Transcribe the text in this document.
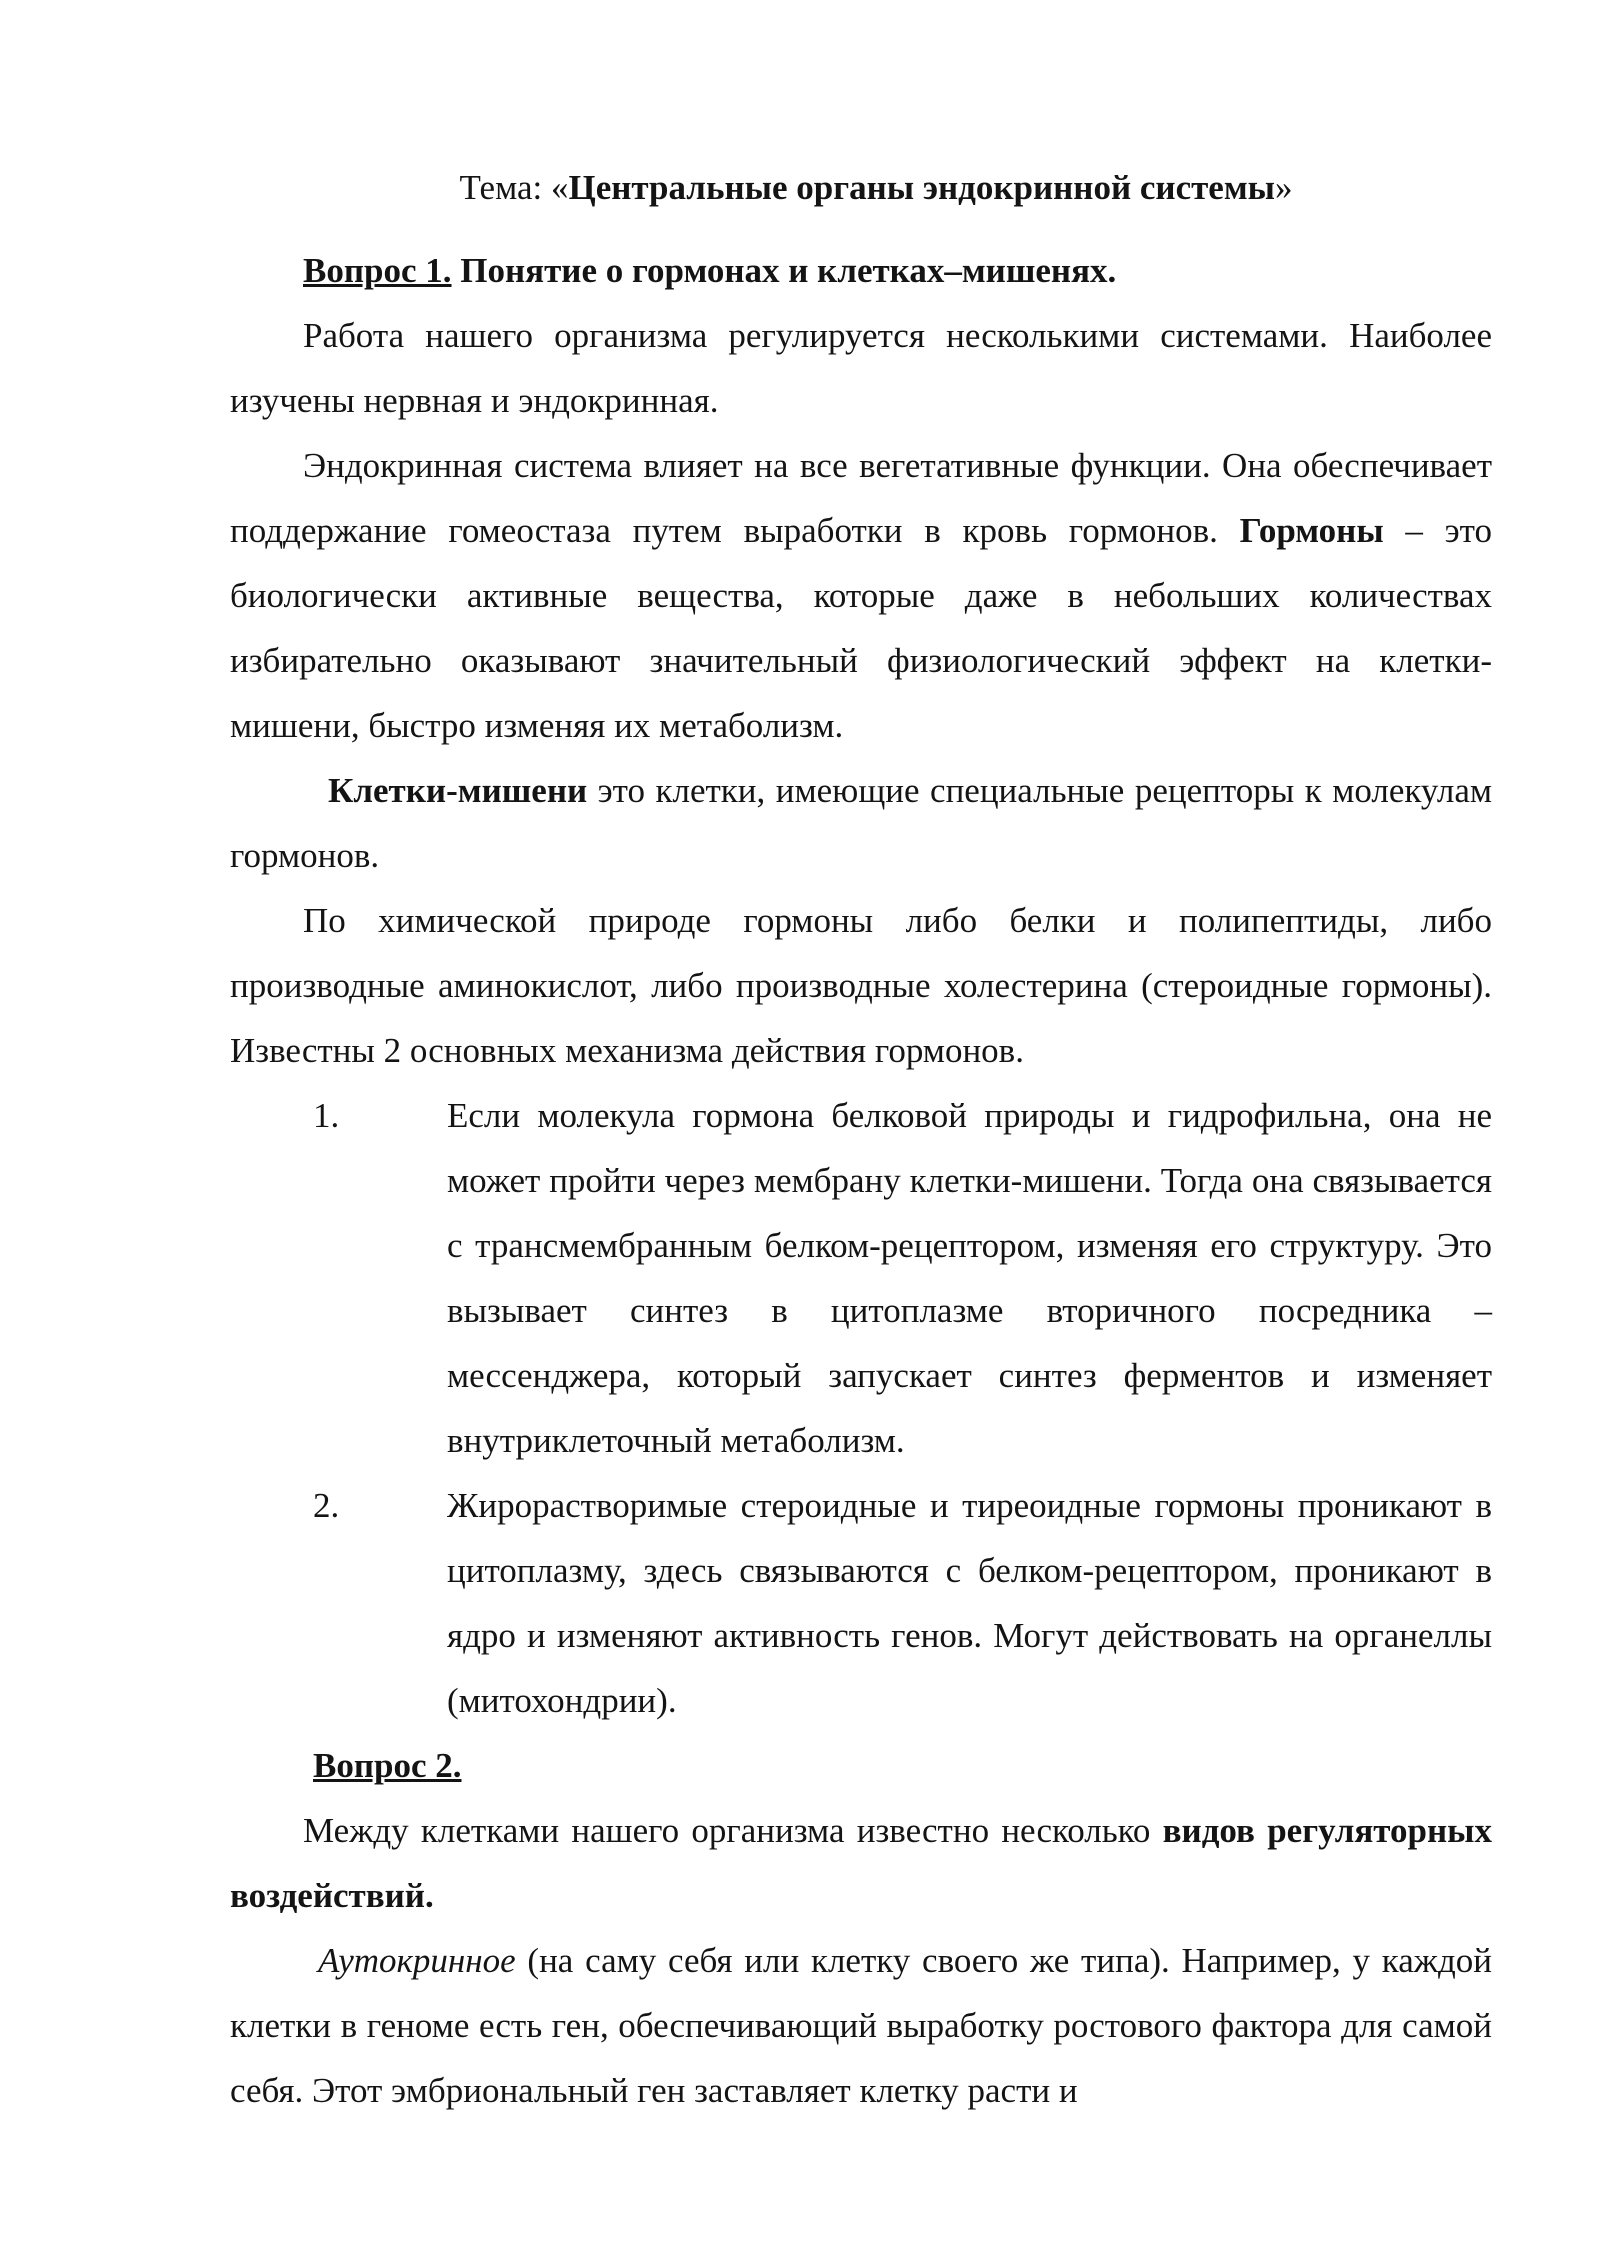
Тема: «Центральные органы эндокринной системы»
Вопрос 1. Понятие о гормонах и клетках–мишенях.

Работа нашего организма регулируется несколькими системами. Наиболее изучены нервная и эндокринная.

Эндокринная система влияет на все вегетативные функции. Она обеспечивает поддержание гомеостаза путем выработки в кровь гормонов. Гормоны – это биологически активные вещества, которые даже в небольших количествах избирательно оказывают значительный физиологический эффект на клетки-мишени, быстро изменяя их метаболизм.

Клетки-мишени это клетки, имеющие специальные рецепторы к молекулам гормонов.

По химической природе гормоны либо белки и полипептиды, либо производные аминокислот, либо производные холестерина (стероидные гормоны). Известны 2 основных механизма действия гормонов.

1.	Если молекула гормона белковой природы и гидрофильна, она не может пройти через мембрану клетки-мишени. Тогда она связывается с трансмембранным белком-рецептором, изменяя его структуру. Это вызывает синтез в цитоплазме вторичного посредника – мессенджера, который запускает синтез ферментов и изменяет внутриклеточный метаболизм.
2.	Жирорастворимые стероидные и тиреоидные гормоны проникают в цитоплазму, здесь связываются с белком-рецептором, проникают в ядро и изменяют активность генов. Могут действовать на органеллы (митохондрии).
Вопрос 2.

Между клетками нашего организма известно несколько видов регуляторных воздействий.

Аутокринное (на саму себя или клетку своего же типа). Например, у каждой клетки в геноме есть ген, обеспечивающий выработку ростового фактора для самой себя. Этот эмбриональный ген заставляет клетку расти и
